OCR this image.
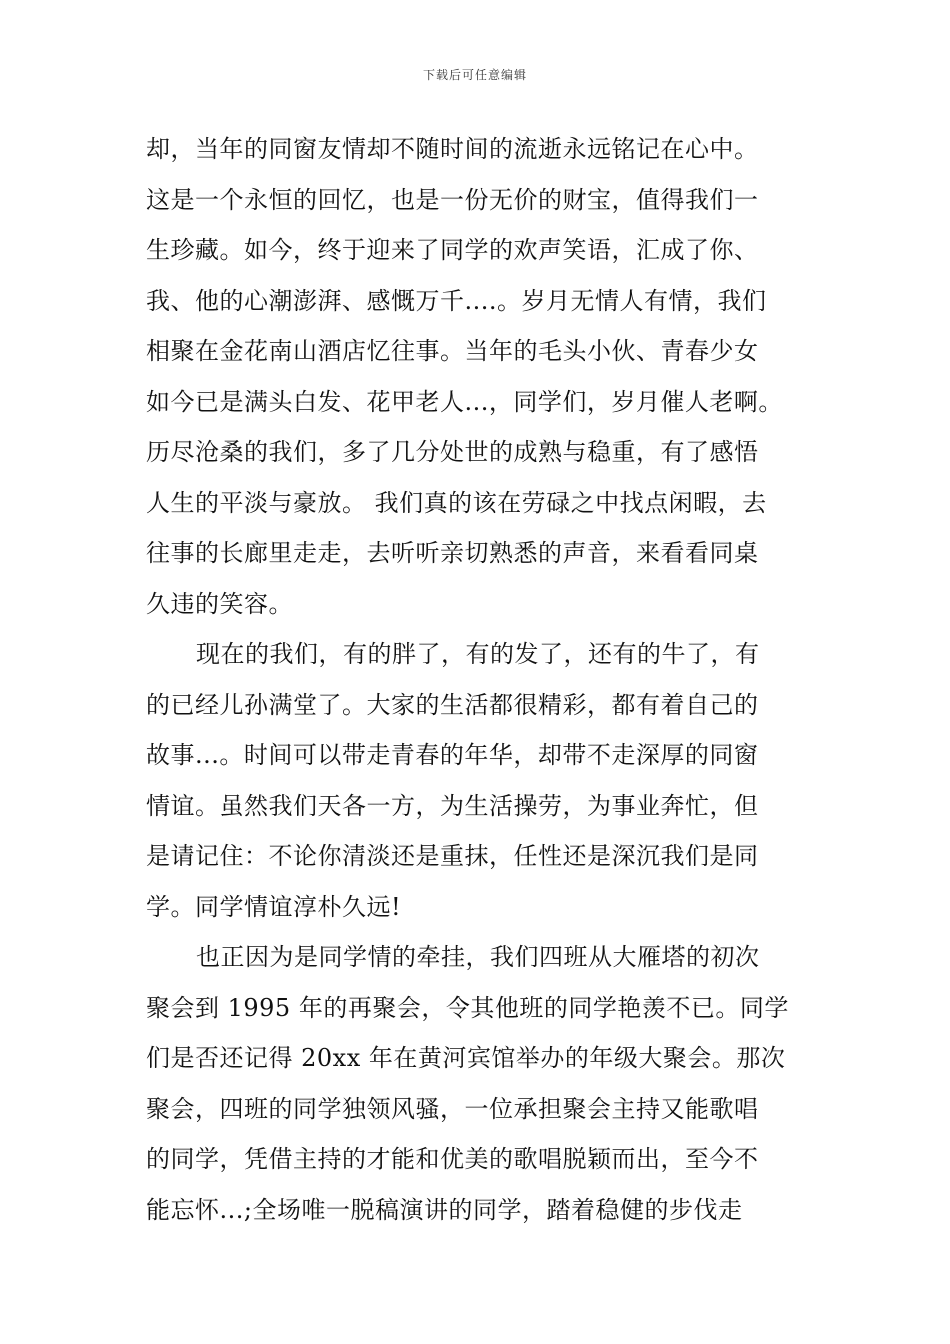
下载后可任意编辑
却，当年的同窗友情却不随时间的流逝永远铭记在心中。
这是一个永恒的回忆，也是一份无价的财宝，值得我们一
生珍藏。如今，终于迎来了同学的欢声笑语，汇成了你、
我、他的心潮澎湃、感慨万千....。岁月无情人有情，我们
相聚在金花南山酒店忆往事。当年的毛头小伙、青春少女
如今已是满头白发、花甲老人...，同学们，岁月催人老啊。
历尽沧桑的我们，多了几分处世的成熟与稳重，有了感悟
人生的平淡与豪放。 我们真的该在劳碌之中找点闲暇，去
往事的长廊里走走，去听听亲切熟悉的声音，来看看同桌
久违的笑容。
现在的我们，有的胖了，有的发了，还有的牛了，有
的已经儿孙满堂了。大家的生活都很精彩，都有着自己的
故事...。时间可以带走青春的年华，却带不走深厚的同窗
情谊。虽然我们天各一方，为生活操劳，为事业奔忙，但
是请记住：不论你清淡还是重抹，任性还是深沉我们是同
学。同学情谊淳朴久远!
也正因为是同学情的牵挂，我们四班从大雁塔的初次
聚会到 1995 年的再聚会，令其他班的同学艳羡不已。同学
们是否还记得 20xx 年在黄河宾馆举办的年级大聚会。那次
聚会，四班的同学独领风骚，一位承担聚会主持又能歌唱
的同学，凭借主持的才能和优美的歌唱脱颖而出，至今不
能忘怀...;全场唯一脱稿演讲的同学，踏着稳健的步伐走
